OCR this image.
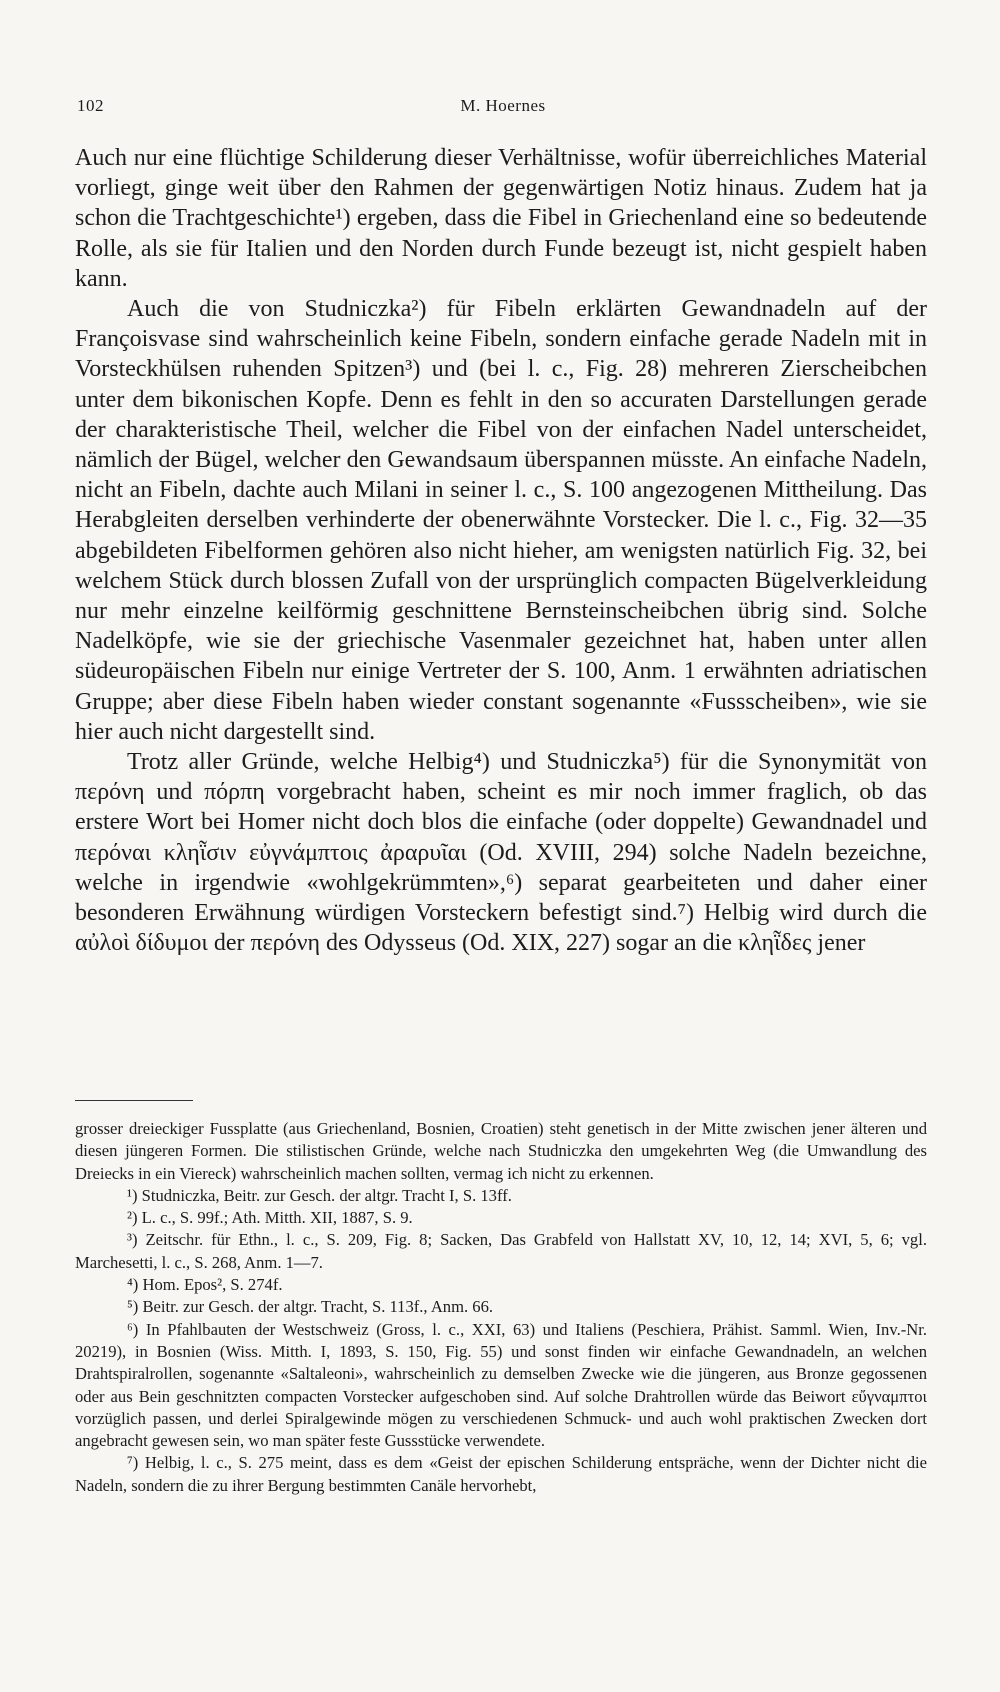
102	M. Hoernes

Auch nur eine flüchtige Schilderung dieser Verhältnisse, wofür überreichliches Material vorliegt, ginge weit über den Rahmen der gegenwärtigen Notiz hinaus. Zudem hat ja schon die Trachtgeschichte¹) ergeben, dass die Fibel in Griechenland eine so bedeutende Rolle, als sie für Italien und den Norden durch Funde bezeugt ist, nicht gespielt haben kann.

Auch die von Studniczka²) für Fibeln erklärten Gewandnadeln auf der Françoisvase sind wahrscheinlich keine Fibeln, sondern einfache gerade Nadeln mit in Vorsteckhülsen ruhenden Spitzen³) und (bei l. c., Fig. 28) mehreren Zierscheibchen unter dem bikonischen Kopfe. Denn es fehlt in den so accuraten Darstellungen gerade der charakteristische Theil, welcher die Fibel von der einfachen Nadel unterscheidet, nämlich der Bügel, welcher den Gewandsaum überspannen müsste. An einfache Nadeln, nicht an Fibeln, dachte auch Milani in seiner l. c., S. 100 angezogenen Mittheilung. Das Herabgleiten derselben verhinderte der obenerwähnte Vorstecker. Die l. c., Fig. 32—35 abgebildeten Fibelformen gehören also nicht hieher, am wenigsten natürlich Fig. 32, bei welchem Stück durch blossen Zufall von der ursprünglich compacten Bügelverkleidung nur mehr einzelne keilförmig geschnittene Bernsteinscheibchen übrig sind. Solche Nadelköpfe, wie sie der griechische Vasenmaler gezeichnet hat, haben unter allen südeuropäischen Fibeln nur einige Vertreter der S. 100, Anm. 1 erwähnten adriatischen Gruppe; aber diese Fibeln haben wieder constant sogenannte «Fussscheiben», wie sie hier auch nicht dargestellt sind.

Trotz aller Gründe, welche Helbig⁴) und Studniczka⁵) für die Synonymität von περόνη und πόρπη vorgebracht haben, scheint es mir noch immer fraglich, ob das erstere Wort bei Homer nicht doch blos die einfache (oder doppelte) Gewandnadel und περόναι κληῗσιν εὐγνάμπτοις ἀραρυῖαι (Od. XVIII, 294) solche Nadeln bezeichne, welche in irgendwie «wohlgekrümmten»,⁶) separat gearbeiteten und daher einer besonderen Erwähnung würdigen Vorsteckern befestigt sind.⁷) Helbig wird durch die αὐλοὶ δίδυμοι der περόνη des Odysseus (Od. XIX, 227) sogar an die κληῗδες jener

grosser dreieckiger Fussplatte (aus Griechenland, Bosnien, Croatien) steht genetisch in der Mitte zwischen jener älteren und diesen jüngeren Formen. Die stilistischen Gründe, welche nach Studniczka den umgekehrten Weg (die Umwandlung des Dreiecks in ein Viereck) wahrscheinlich machen sollten, vermag ich nicht zu erkennen.

¹) Studniczka, Beitr. zur Gesch. der altgr. Tracht I, S. 13ff.

²) L. c., S. 99f.; Ath. Mitth. XII, 1887, S. 9.

³) Zeitschr. für Ethn., l. c., S. 209, Fig. 8; Sacken, Das Grabfeld von Hallstatt XV, 10, 12, 14; XVI, 5, 6; vgl. Marchesetti, l. c., S. 268, Anm. 1—7.

⁴) Hom. Epos², S. 274f.

⁵) Beitr. zur Gesch. der altgr. Tracht, S. 113f., Anm. 66.

⁶) In Pfahlbauten der Westschweiz (Gross, l. c., XXI, 63) und Italiens (Peschiera, Prähist. Samml. Wien, Inv.-Nr. 20219), in Bosnien (Wiss. Mitth. I, 1893, S. 150, Fig. 55) und sonst finden wir einfache Gewandnadeln, an welchen Drahtspiralrollen, sogenannte «Saltaleoni», wahrscheinlich zu demselben Zwecke wie die jüngeren, aus Bronze gegossenen oder aus Bein geschnitzten compacten Vorstecker aufgeschoben sind. Auf solche Drahtrollen würde das Beiwort εὔγναμπτοι vorzüglich passen, und derlei Spiralgewinde mögen zu verschiedenen Schmuck- und auch wohl praktischen Zwecken dort angebracht gewesen sein, wo man später feste Gussstücke verwendete.

⁷) Helbig, l. c., S. 275 meint, dass es dem «Geist der epischen Schilderung entspräche, wenn der Dichter nicht die Nadeln, sondern die zu ihrer Bergung bestimmten Canäle hervorhebt,
